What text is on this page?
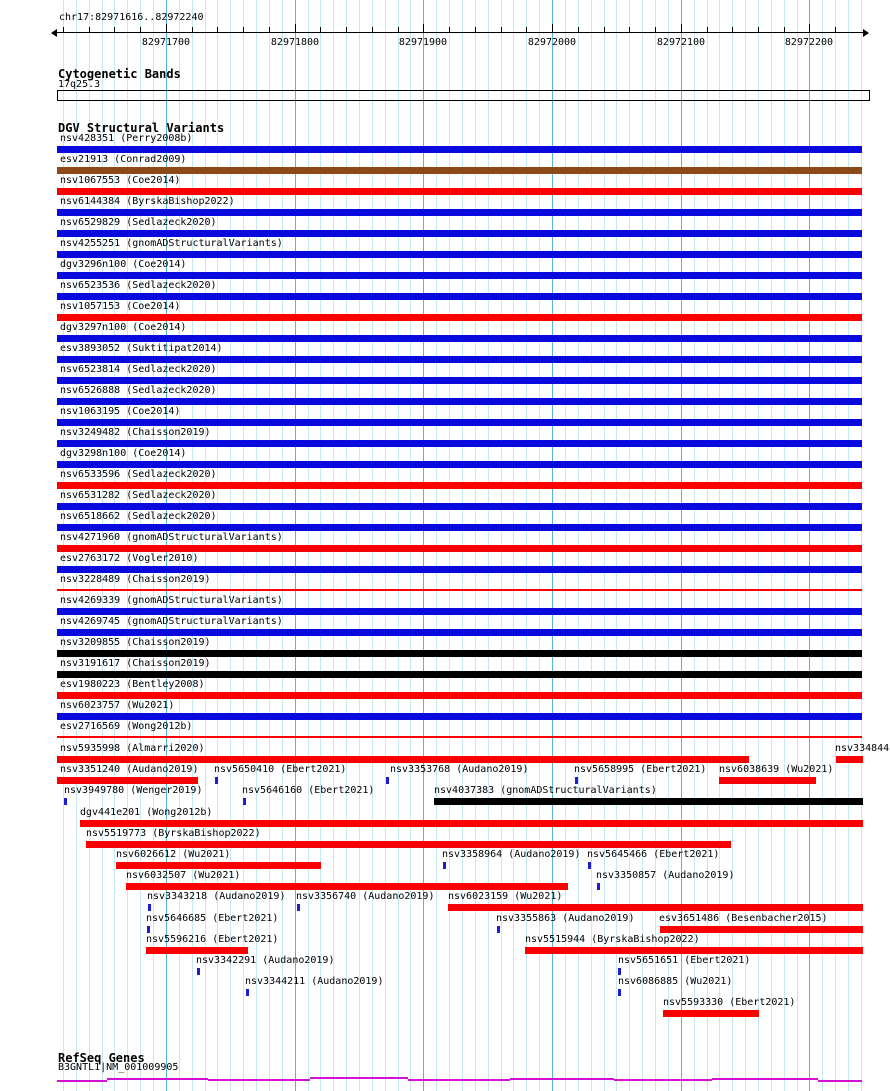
chr17:82971616..82972240
82971700	82971800	82971900	82972000	82972100	82972200
Cytogenetic Bands
17q25.3
DGV Structural Variants
nsv428351 (Perry2008b)
esv21913 (Conrad2009)
nsv1067553 (Coe2014)
nsv6144384 (ByrskaBishop2022)
nsv6529829 (Sedlazeck2020)
nsv4255251 (gnomADStructuralVariants)
dgv3296n100 (Coe2014)
nsv6523536 (Sedlazeck2020)
nsv1057153 (Coe2014)
dgv3297n100 (Coe2014)
esv3893052 (Suktitipat2014)
nsv6523814 (Sedlazeck2020)
nsv6526888 (Sedlazeck2020)
nsv1063195 (Coe2014)
nsv3249482 (Chaisson2019)
dgv3298n100 (Coe2014)
nsv6533596 (Sedlazeck2020)
nsv6531282 (Sedlazeck2020)
nsv6518662 (Sedlazeck2020)
nsv4271960 (gnomADStructuralVariants)
esv2763172 (Vogler2010)
nsv3228489 (Chaisson2019)
nsv4269339 (gnomADStructuralVariants)
nsv4269745 (gnomADStructuralVariants)
nsv3209855 (Chaisson2019)
nsv3191617 (Chaisson2019)
esv1980223 (Bentley2008)
nsv6023757 (Wu2021)
esv2716569 (Wong2012b)
nsv5935998 (Almarri2020)	nsv334844
nsv3351240 (Audano2019) nsv5650410 (Ebert2021)	nsv3353768 (Audano2019)	nsv5658995 (Ebert2021) nsv6038639 (Wu2021)
nsv3949780 (Wenger2019)	nsv5646160 (Ebert2021)	nsv4037383 (gnomADStructuralVariants)
dgv441e201 (Wong2012b)
nsv5519773 (ByrskaBishop2022)
nsv6026612 (Wu2021)	nsv3358964 (Audano2019) nsv5645466 (Ebert2021)
nsv6032507 (Wu2021)	nsv3350857 (Audano2019)
nsv3343218 (Audano2019) nsv3356740 (Audano2019) nsv6023159 (Wu2021)
nsv5646685 (Ebert2021)	nsv3355863 (Audano2019) esv3651486 (Besenbacher2015)
nsv5596216 (Ebert2021)	nsv5515944 (ByrskaBishop2022)
nsv3342291 (Audano2019)	nsv5651651 (Ebert2021)
nsv3344211 (Audano2019)	nsv6086885 (Wu2021)
nsv5593330 (Ebert2021)
RefSeq Genes
B3GNTL1|NM_001009905
